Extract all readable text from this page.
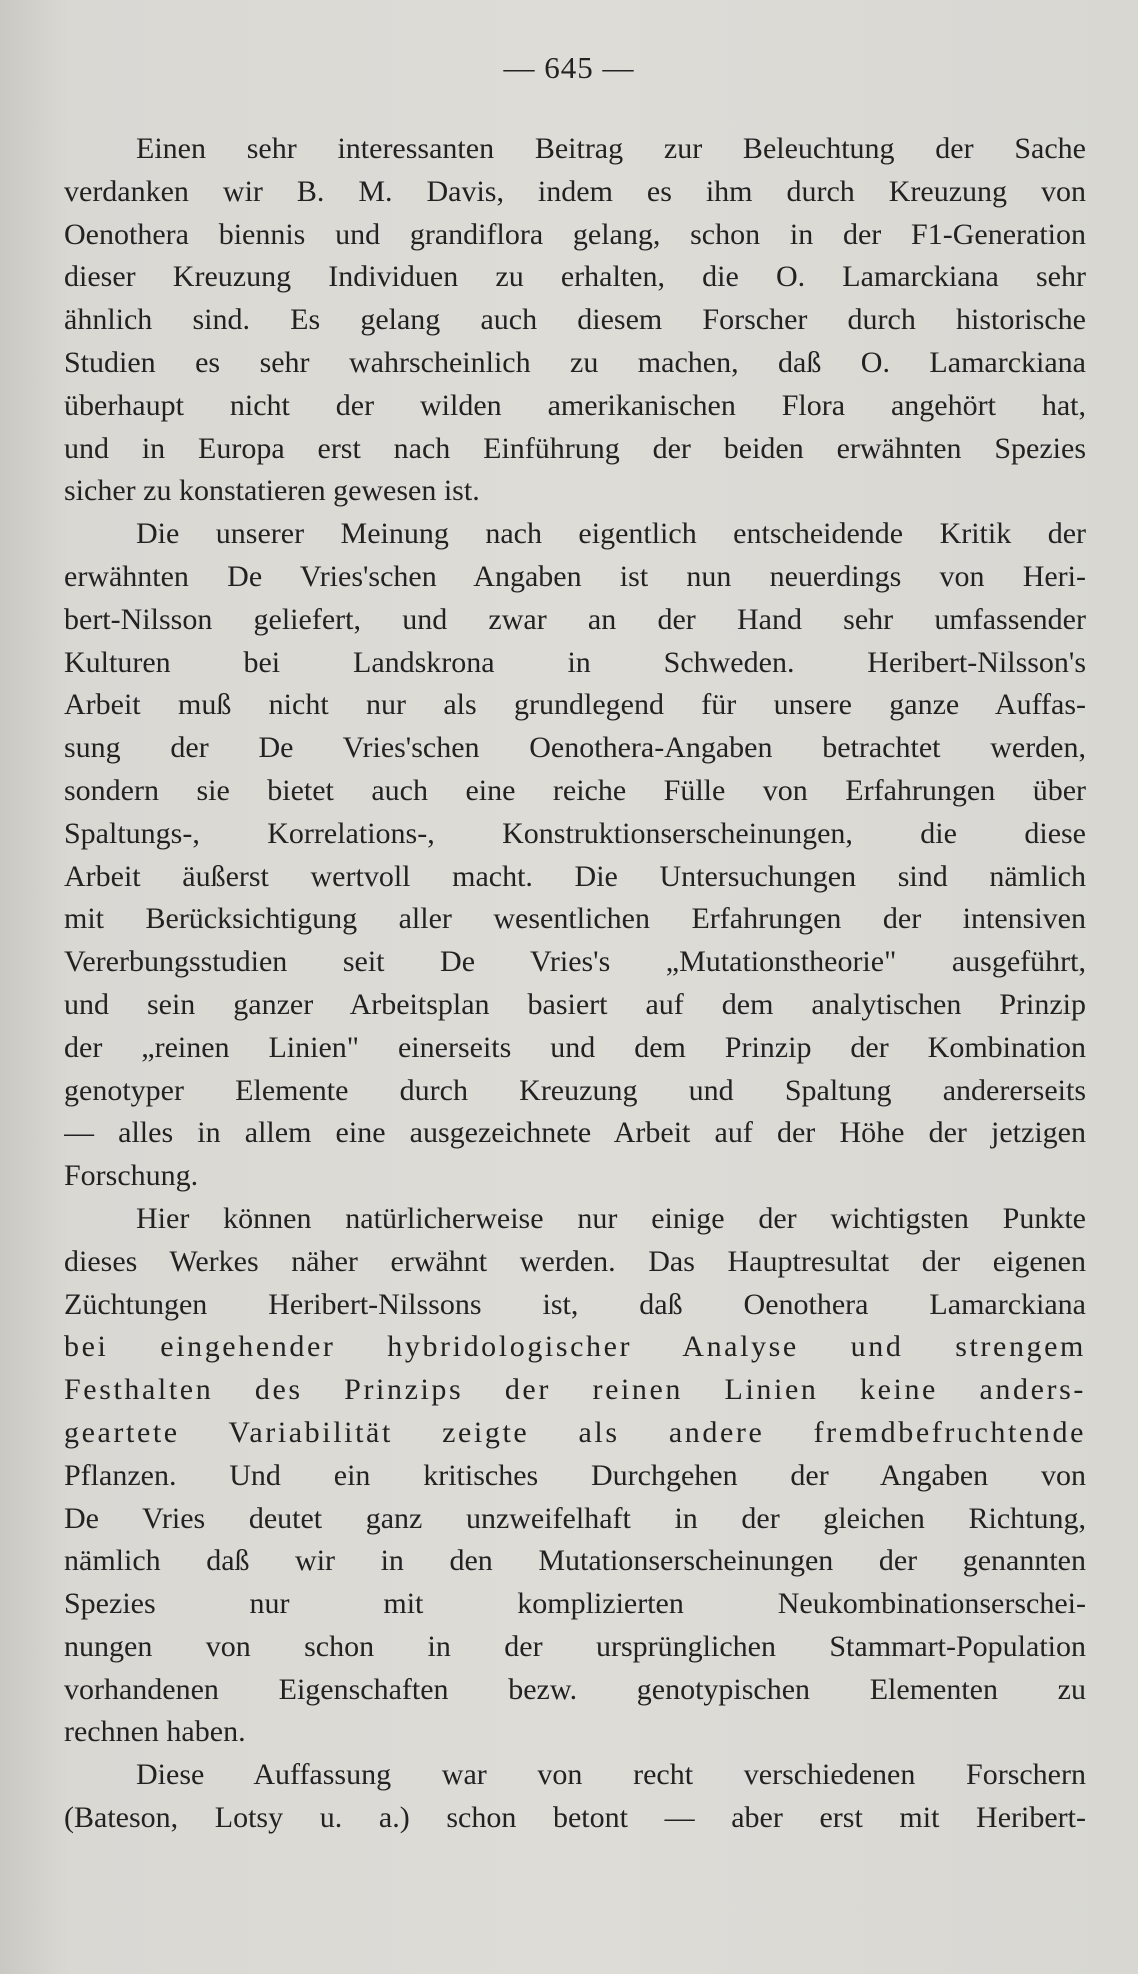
— 645 —
Einen sehr interessanten Beitrag zur Beleuchtung der Sache
verdanken wir B. M. Davis, indem es ihm durch Kreuzung von
Oenothera biennis und grandiflora gelang, schon in der F1-Generation
dieser Kreuzung Individuen zu erhalten, die O. Lamarckiana sehr
ähnlich sind. Es gelang auch diesem Forscher durch historische
Studien es sehr wahrscheinlich zu machen, daß O. Lamarckiana
überhaupt nicht der wilden amerikanischen Flora angehört hat,
und in Europa erst nach Einführung der beiden erwähnten Spezies
sicher zu konstatieren gewesen ist.
Die unserer Meinung nach eigentlich entscheidende Kritik der
erwähnten De Vries'schen Angaben ist nun neuerdings von Heri-
bert-Nilsson geliefert, und zwar an der Hand sehr umfassender
Kulturen bei Landskrona in Schweden. Heribert-Nilsson's
Arbeit muß nicht nur als grundlegend für unsere ganze Auffas-
sung der De Vries'schen Oenothera-Angaben betrachtet werden,
sondern sie bietet auch eine reiche Fülle von Erfahrungen über
Spaltungs-, Korrelations-, Konstruktionserscheinungen, die diese
Arbeit äußerst wertvoll macht. Die Untersuchungen sind nämlich
mit Berücksichtigung aller wesentlichen Erfahrungen der intensiven
Vererbungsstudien seit De Vries's „Mutationstheorie" ausgeführt,
und sein ganzer Arbeitsplan basiert auf dem analytischen Prinzip
der „reinen Linien" einerseits und dem Prinzip der Kombination
genotyper Elemente durch Kreuzung und Spaltung andererseits
— alles in allem eine ausgezeichnete Arbeit auf der Höhe der jetzigen
Forschung.
Hier können natürlicherweise nur einige der wichtigsten Punkte
dieses Werkes näher erwähnt werden. Das Hauptresultat der eigenen
Züchtungen Heribert-Nilssons ist, daß Oenothera Lamarckiana
bei eingehender hybridologischer Analyse und strengem
Festhalten des Prinzips der reinen Linien keine anders-
geartete Variabilität zeigte als andere fremdbefruchtende
Pflanzen. Und ein kritisches Durchgehen der Angaben von
De Vries deutet ganz unzweifelhaft in der gleichen Richtung,
nämlich daß wir in den Mutationserscheinungen der genannten
Spezies nur mit komplizierten Neukombinationserschei-
nungen von schon in der ursprünglichen Stammart-Population
vorhandenen Eigenschaften bezw. genotypischen Elementen zu
rechnen haben.
Diese Auffassung war von recht verschiedenen Forschern
(Bateson, Lotsy u. a.) schon betont — aber erst mit Heribert-
